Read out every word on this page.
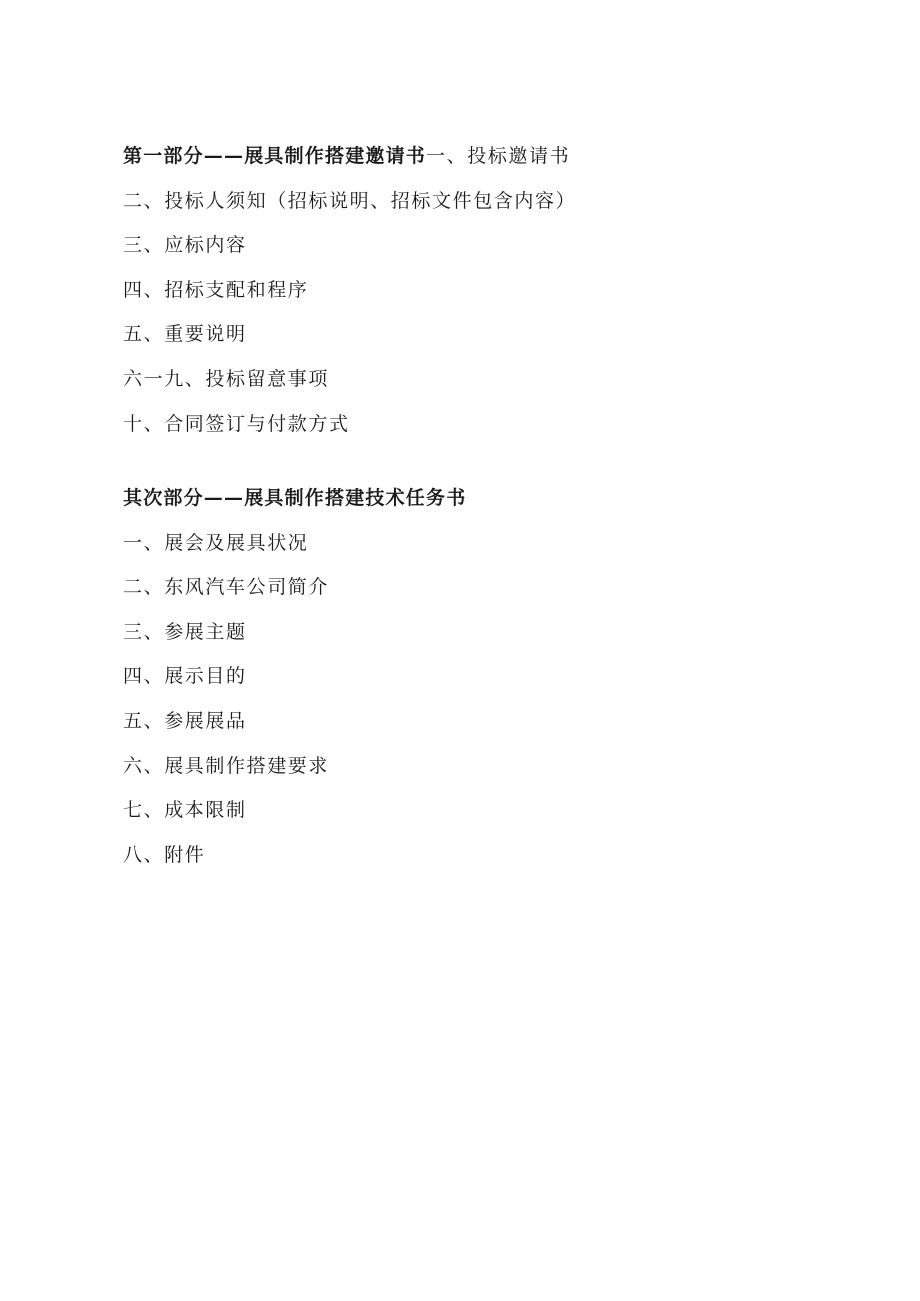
第一部分——展具制作搭建邀请书一、投标邀请书
二、投标人须知（招标说明、招标文件包含内容）
三、应标内容
四、招标支配和程序
五、重要说明
六一九、投标留意事项
十、合同签订与付款方式
其次部分——展具制作搭建技术任务书
一、展会及展具状况
二、东风汽车公司简介
三、参展主题
四、展示目的
五、参展展品
六、展具制作搭建要求
七、成本限制
八、附件
